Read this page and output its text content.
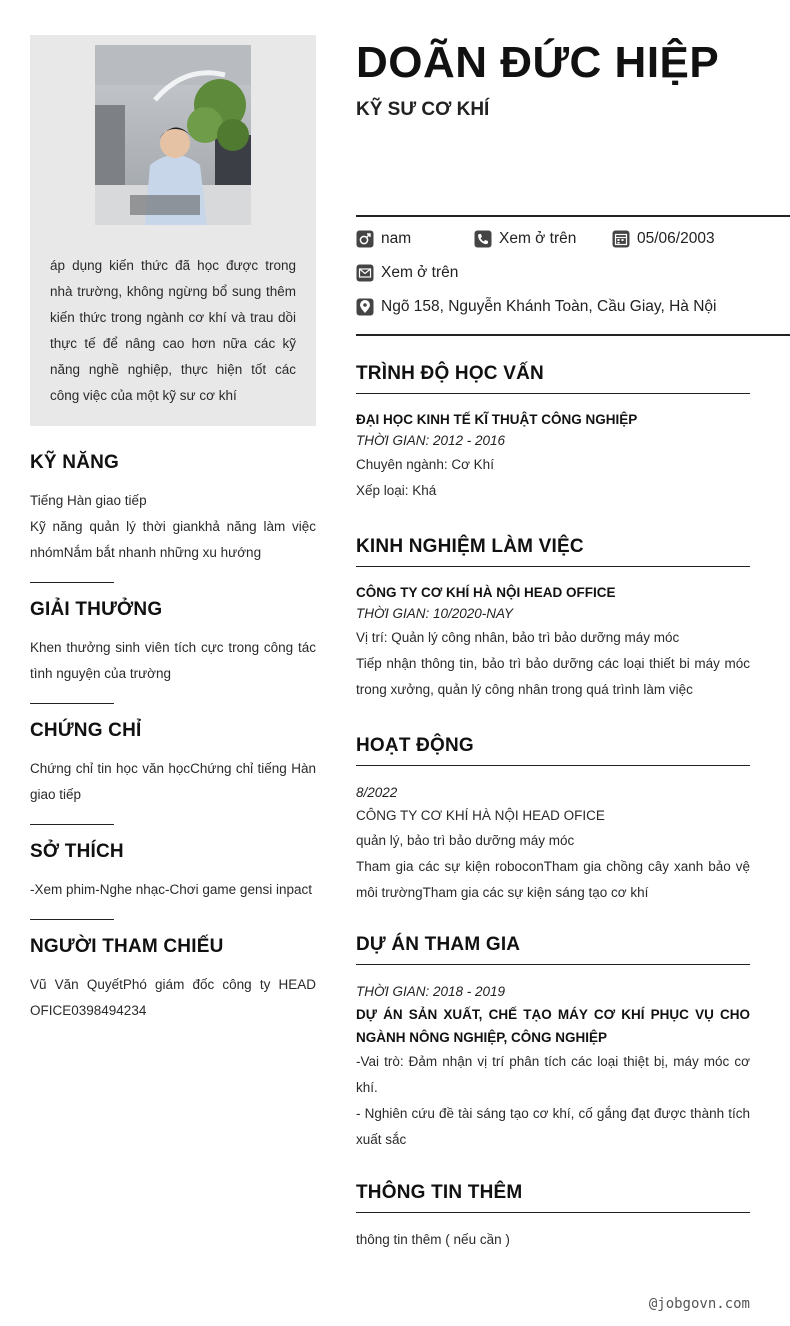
áp dụng kiến thức đã học được trong nhà trường, không ngừng bổ sung thêm kiến thức trong ngành cơ khí và trau dồi thực tế để nâng cao hơn nữa các kỹ năng nghề nghiệp, thực hiện tốt các công việc của một kỹ sư cơ khí

KỸ NĂNG

Tiếng Hàn giao tiếp

Kỹ năng quản lý thời giankhả năng làm việc nhómNắm bắt nhanh những xu hướng

GIẢI THƯỞNG

Khen thưởng sinh viên tích cực trong công tác tình nguyện của trường

CHỨNG CHỈ

Chứng chỉ tin học văn họcChứng chỉ tiếng Hàn giao tiếp

SỞ THÍCH

-Xem phim-Nghe nhạc-Chơi game gensi inpact

NGƯỜI THAM CHIẾU

Vũ Văn QuyếtPhó giám đốc công ty HEAD OFICE0398494234

DOÃN ĐỨC HIỆP
KỸ SƯ CƠ KHÍ
nam	Xem ở trên	05/06/2003
Xem ở trên
Ngõ 158, Nguyễn Khánh Toàn, Cầu Giay, Hà Nội
TRÌNH ĐỘ HỌC VẤN
ĐẠI HỌC KINH TẾ KĨ THUẬT CÔNG NGHIỆP
THỜI GIAN: 2012 - 2016
Chuyên ngành: Cơ Khí
Xếp loại: Khá
KINH NGHIỆM LÀM VIỆC
CÔNG TY CƠ KHÍ HÀ NỘI HEAD OFFICE
THỜI GIAN: 10/2020-NAY
Vị trí: Quản lý công nhân, bảo trì bảo dưỡng máy móc
Tiếp nhận thông tin, bảo trì bảo dưỡng các loại thiết bi máy móc trong xưởng, quản lý công nhân trong quá trình làm việc
HOẠT ĐỘNG
8/2022
CÔNG TY CƠ KHÍ HÀ NỘI HEAD OFICE
quản lý, bảo trì bảo dưỡng máy móc
Tham gia các sự kiện roboconTham gia chồng cây xanh bảo vệ môi trườngTham gia các sự kiện sáng tạo cơ khí
DỰ ÁN THAM GIA
THỜI GIAN: 2018 - 2019
DỰ ÁN SẢN XUẤT, CHẾ TẠO MÁY CƠ KHÍ PHỤC VỤ CHO NGÀNH NÔNG NGHIỆP, CÔNG NGHIỆP
-Vai trò: Đảm nhận vị trí phân tích các loại thiệt bị, máy móc cơ khí.
- Nghiên cứu đề tài sáng tạo cơ khí, cố gắng đạt được thành tích xuất sắc
THÔNG TIN THÊM
thông tin thêm ( nếu cần )
@jobgovn.com
